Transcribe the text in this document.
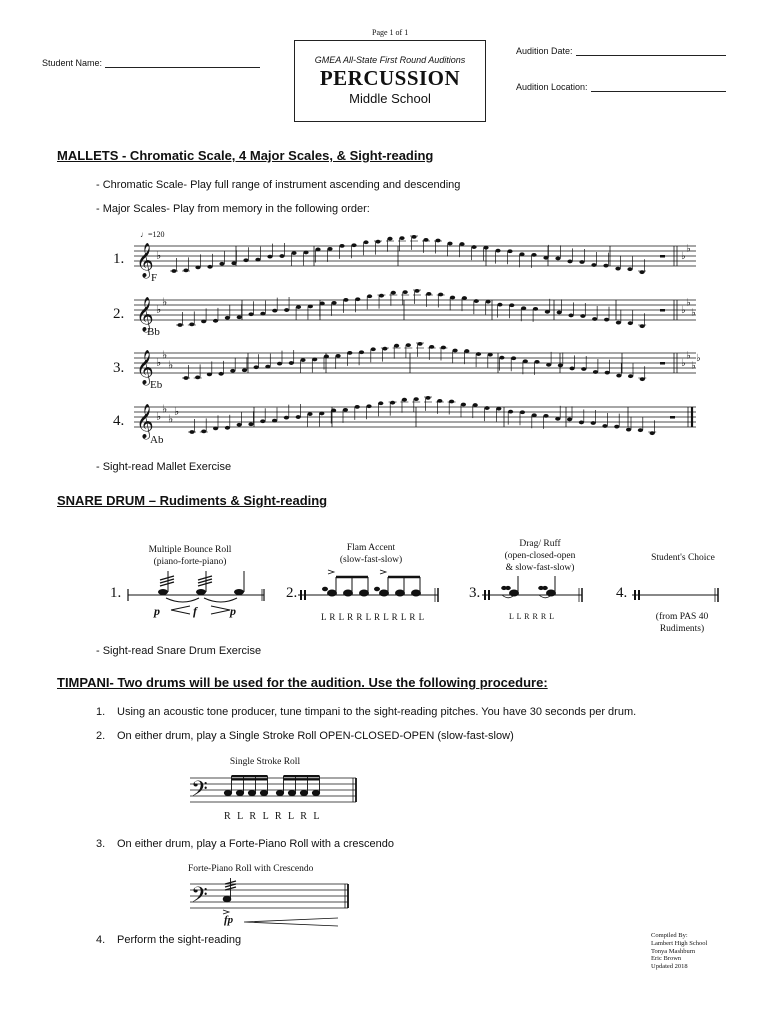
Page 1 of 1
Student Name:	GMEA All-State First Round Auditions
PERCUSSION
Middle School
Audition Date:
Audition Location:
MALLETS - Chromatic Scale, 4 Major Scales, & Sight-reading
- Chromatic Scale- Play full range of instrument ascending and descending
- Major Scales- Play from memory in the following order:
♩=120
1.
F
𝄞 ♭	♭
♭
2.
Bb
𝄞 ♭
♭
♭
♭
♭
3.
Eb
𝄞 ♭
♭
♭	♭
♭
♭
♭
4.
Ab
𝄞 ♭
♭
♭
♭
- Sight-read Mallet Exercise
SNARE DRUM – Rudiments & Sight-reading
Multiple Bounce Roll
(piano-forte-piano)
1.
p	f	p
Flam Accent
(slow-fast-slow)
2.
L R L R R L R L R L R L
Drag/ Ruff
(open-closed-open
& slow-fast-slow)
3.
L L R R R L
Student's Choice
4.
(from PAS 40
Rudiments)
- Sight-read Snare Drum Exercise
TIMPANI- Two drums will be used for the audition. Use the following procedure:
1. Using an acoustic tone producer, tune timpani to the sight-reading pitches. You have 30 seconds per drum.
2. On either drum, play a Single Stroke Roll OPEN-CLOSED-OPEN (slow-fast-slow)
Single Stroke Roll
𝄢
R L R L R L R L
3. On either drum, play a Forte-Piano Roll with a crescendo
Forte-Piano Roll with Crescendo
𝄢
fp
4. Perform the sight-reading	Compiled By:
Lambert High School
Tonya Mashburn
Eric Brown
Updated 2018
